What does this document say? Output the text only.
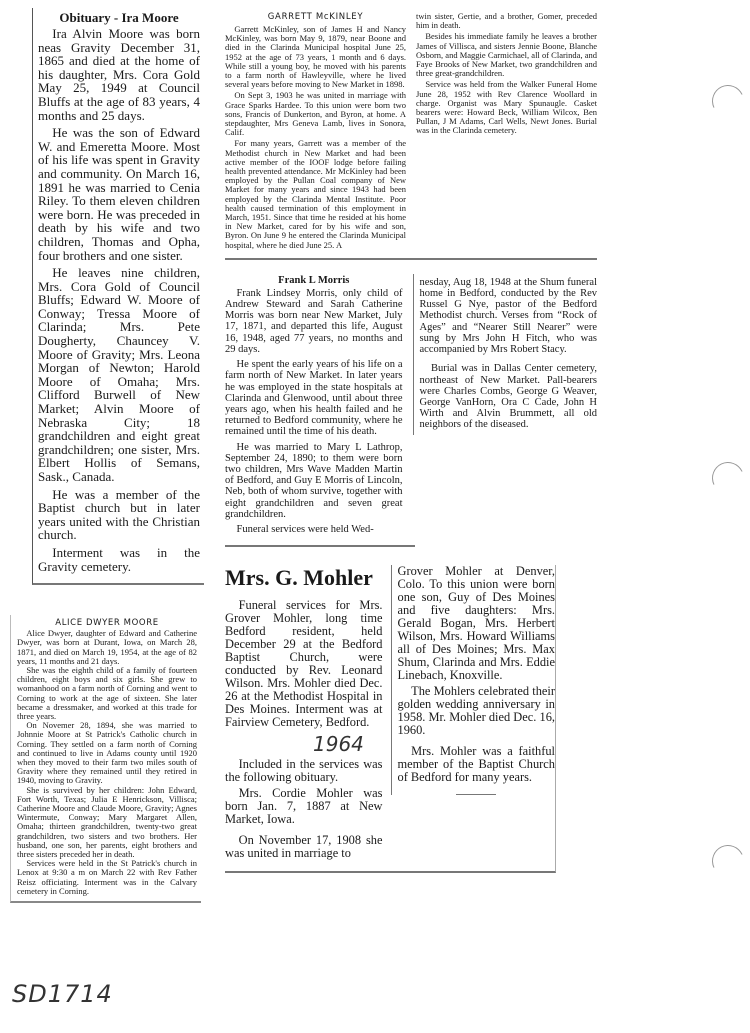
Obituary - Ira Moore

Ira Alvin Moore was born neas Gravity December 31, 1865 and died at the home of his daughter, Mrs. Cora Gold May 25, 1949 at Council Bluffs at the age of 83 years, 4 months and 25 days.

He was the son of Edward W. and Emeretta Moore. Most of his life was spent in Gravity and community. On March 16, 1891 he was married to Cenia Riley. To them eleven children were born. He was preceded in death by his wife and two children, Thomas and Opha, four brothers and one sister.

He leaves nine children, Mrs. Cora Gold of Council Bluffs; Edward W. Moore of Conway; Tressa Moore of Clarinda; Mrs. Pete Dougherty, Chauncey V. Moore of Gravity; Mrs. Leona Morgan of Newton; Harold Moore of Omaha; Mrs. Clifford Burwell of New Market; Alvin Moore of Nebraska City; 18 grandchildren and eight great grandchildren; one sister, Mrs. Elbert Hollis of Semans, Sask., Canada.

He was a member of the Baptist church but in later years united with the Christian church.

Interment was in the Gravity cemetery.

ALICE DWYER MOORE

Alice Dwyer, daughter of Edward and Catherine Dwyer, was born at Durant, Iowa, on March 28, 1871, and died on March 19, 1954, at the age of 82 years, 11 months and 21 days.

She was the eighth child of a family of fourteen children, eight boys and six girls. She grew to womanhood on a farm north of Corning and went to Corning to work at the age of sixteen. She later became a dressmaker, and worked at this trade for three years.

On Novemer 28, 1894, she was married to Johnnie Moore at St Patrick's Catholic church in Corning. They settled on a farm north of Corning and continued to live in Adams county until 1920 when they moved to their farm two miles south of Gravity where they remained until they retired in 1940, moving to Gravity.

She is survived by her children: John Edward, Fort Worth, Texas; Julia E Henrickson, Villisca; Catherine Moore and Claude Moore, Gravity; Agnes Wintermute, Conway; Mary Margaret Allen, Omaha; thirteen grandchildren, twenty-two great grandchildren, two sisters and two brothers. Her husband, one son, her parents, eight brothers and three sisters preceded her in death.

Services were held in the St Patrick's church in Lenox at 9:30 a m on March 22 with Rev Father Reisz officiating. Interment was in the Calvary cemetery in Corning.

SD1714
GARRETT McKINLEY

Garrett McKinley, son of James H and Nancy McKinley, was born May 9, 1879, near Boone and died in the Clarinda Municipal hospital June 25, 1952 at the age of 73 years, 1 month and 6 days. While still a young boy, he moved with his parents to a farm north of Hawleyville, where he lived several years before moving to New Market in 1898.

On Sept 3, 1903 he was united in marriage with Grace Sparks Hardee. To this union were born two sons, Francis of Dunkerton, and Byron, at home. A stepdaughter, Mrs Geneva Lamb, lives in Sonora, Calif.

For many years, Garrett was a member of the Methodist church in New Market and had been active member of the IOOF lodge before failing health prevented attendance. Mr McKinley had been employed by the Pullan Coal company of New Market for many years and since 1943 had been employed by the Clarinda Mental Institute. Poor health caused termination of this employment in March, 1951. Since that time he resided at his home in New Market, cared for by his wife and son, Byron. On June 9 he entered the Clarinda Municipal hospital, where he died June 25. A

twin sister, Gertie, and a brother, Gomer, preceded him in death.

Besides his immediate family he leaves a brother James of Villisca, and sisters Jennie Boone, Blanche Osborn, and Maggie Carmichael, all of Clarinda, and Faye Brooks of New Market, two grandchildren and three great-grandchildren.

Service was held from the Walker Funeral Home June 28, 1952 with Rev Clarence Woollard in charge. Organist was Mary Spunaugle. Casket bearers were: Howard Beck, William Wilcox, Ben Pullan, J M Adams, Carl Wells, Newt Jones. Burial was in the Clarinda cemetery.

Frank L Morris

Frank Lindsey Morris, only child of Andrew Steward and Sarah Catherine Morris was born near New Market, July 17, 1871, and departed this life, August 16, 1948, aged 77 years, no months and 29 days.

He spent the early years of his life on a farm north of New Market. In later years he was employed in the state hospitals at Clarinda and Glenwood, until about three years ago, when his health failed and he returned to Bedford community, where he remained until the time of his death.

He was married to Mary L Lathrop, September 24, 1890; to them were born two children, Mrs Wave Madden Martin of Bedford, and Guy E Morris of Lincoln, Neb, both of whom survive, together with eight grandchildren and seven great grandchildren.

Funeral services were held Wed-

nesday, Aug 18, 1948 at the Shum funeral home in Bedford, conducted by the Rev Russel G Nye, pastor of the Bedford Methodist church. Verses from “Rock of Ages” and “Nearer Still Nearer” were sung by Mrs John H Fitch, who was accompanied by Mrs Robert Stacy.

Burial was in Dallas Center cemetery, northeast of New Market. Pall-bearers were Charles Combs, George G Weaver, George VanHorn, Ora C Cade, John H Wirth and Alvin Brummett, all old neighbors of the diseased.

Mrs. G. Mohler

Funeral services for Mrs. Grover Mohler, long time Bedford resident, held December 29 at the Bedford Baptist Church, were conducted by Rev. Leonard Wilson. Mrs. Mohler died Dec. 26 at the Methodist Hospital in Des Moines. Interment was at Fairview Cemetery, Bedford.

1964

Included in the services was the following obituary.

Mrs. Cordie Mohler was born Jan. 7, 1887 at New Market, Iowa.

On November 17, 1908 she was united in marriage to

Grover Mohler at Denver, Colo. To this union were born one son, Guy of Des Moines and five daughters: Mrs. Gerald Bogan, Mrs. Herbert Wilson, Mrs. Howard Williams all of Des Moines; Mrs. Max Shum, Clarinda and Mrs. Eddie Linebach, Knoxville.

The Mohlers celebrated their golden wedding anniversary in 1958. Mr. Mohler died Dec. 16, 1960.

Mrs. Mohler was a faithful member of the Baptist Church of Bedford for many years.
